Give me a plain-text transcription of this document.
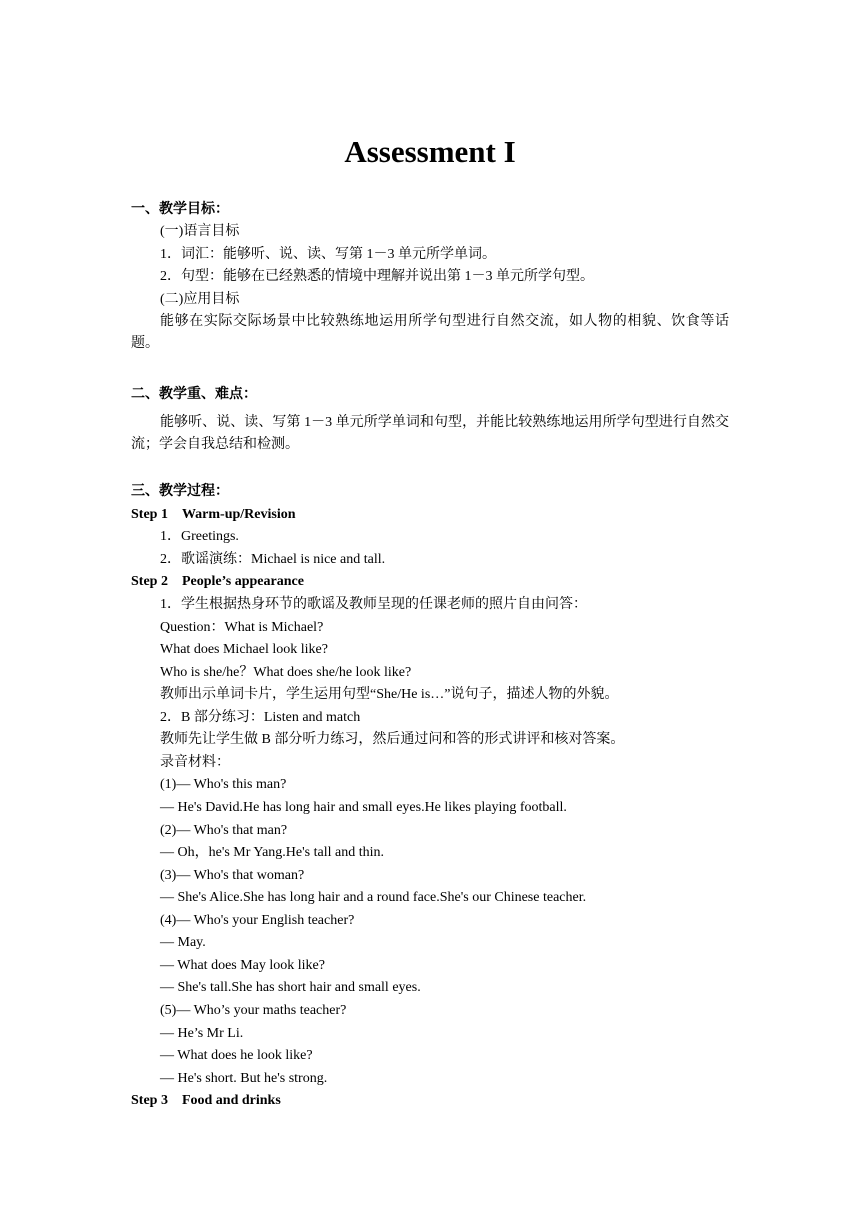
Assessment I
一、教学目标：
(一)语言目标
1．词汇：能够听、说、读、写第 1－3 单元所学单词。
2．句型：能够在已经熟悉的情境中理解并说出第 1－3 单元所学句型。
(二)应用目标
能够在实际交际场景中比较熟练地运用所学句型进行自然交流，如人物的相貌、饮食等话题。
二、教学重、难点：
能够听、说、读、写第 1－3 单元所学单词和句型，并能比较熟练地运用所学句型进行自然交流；学会自我总结和检测。
三、教学过程：
Step 1　Warm-up/Revision
1．Greetings.
2．歌谣演练：Michael is nice and tall.
Step 2　People’s appearance
1．学生根据热身环节的歌谣及教师呈现的任课老师的照片自由问答：
Question：What is Michael?
What does Michael look like?
Who is she/he？What does she/he look like?
教师出示单词卡片，学生运用句型“She/He is…”说句子，描述人物的外貌。
2．B 部分练习：Listen and match
教师先让学生做 B 部分听力练习，然后通过问和答的形式讲评和核对答案。
录音材料：
(1)— Who's this man?
— He's David.He has long hair and small eyes.He likes playing football.
(2)— Who's that man?
— Oh，he's Mr Yang.He's tall and thin.
(3)— Who's that woman?
— She's Alice.She has long hair and a round face.She's our Chinese teacher.
(4)— Who's your English teacher?
— May.
— What does May look like?
— She's tall.She has short hair and small eyes.
(5)— Who’s your maths teacher?
— He’s Mr Li.
— What does he look like?
— He's short. But he's strong.
Step 3　Food and drinks
